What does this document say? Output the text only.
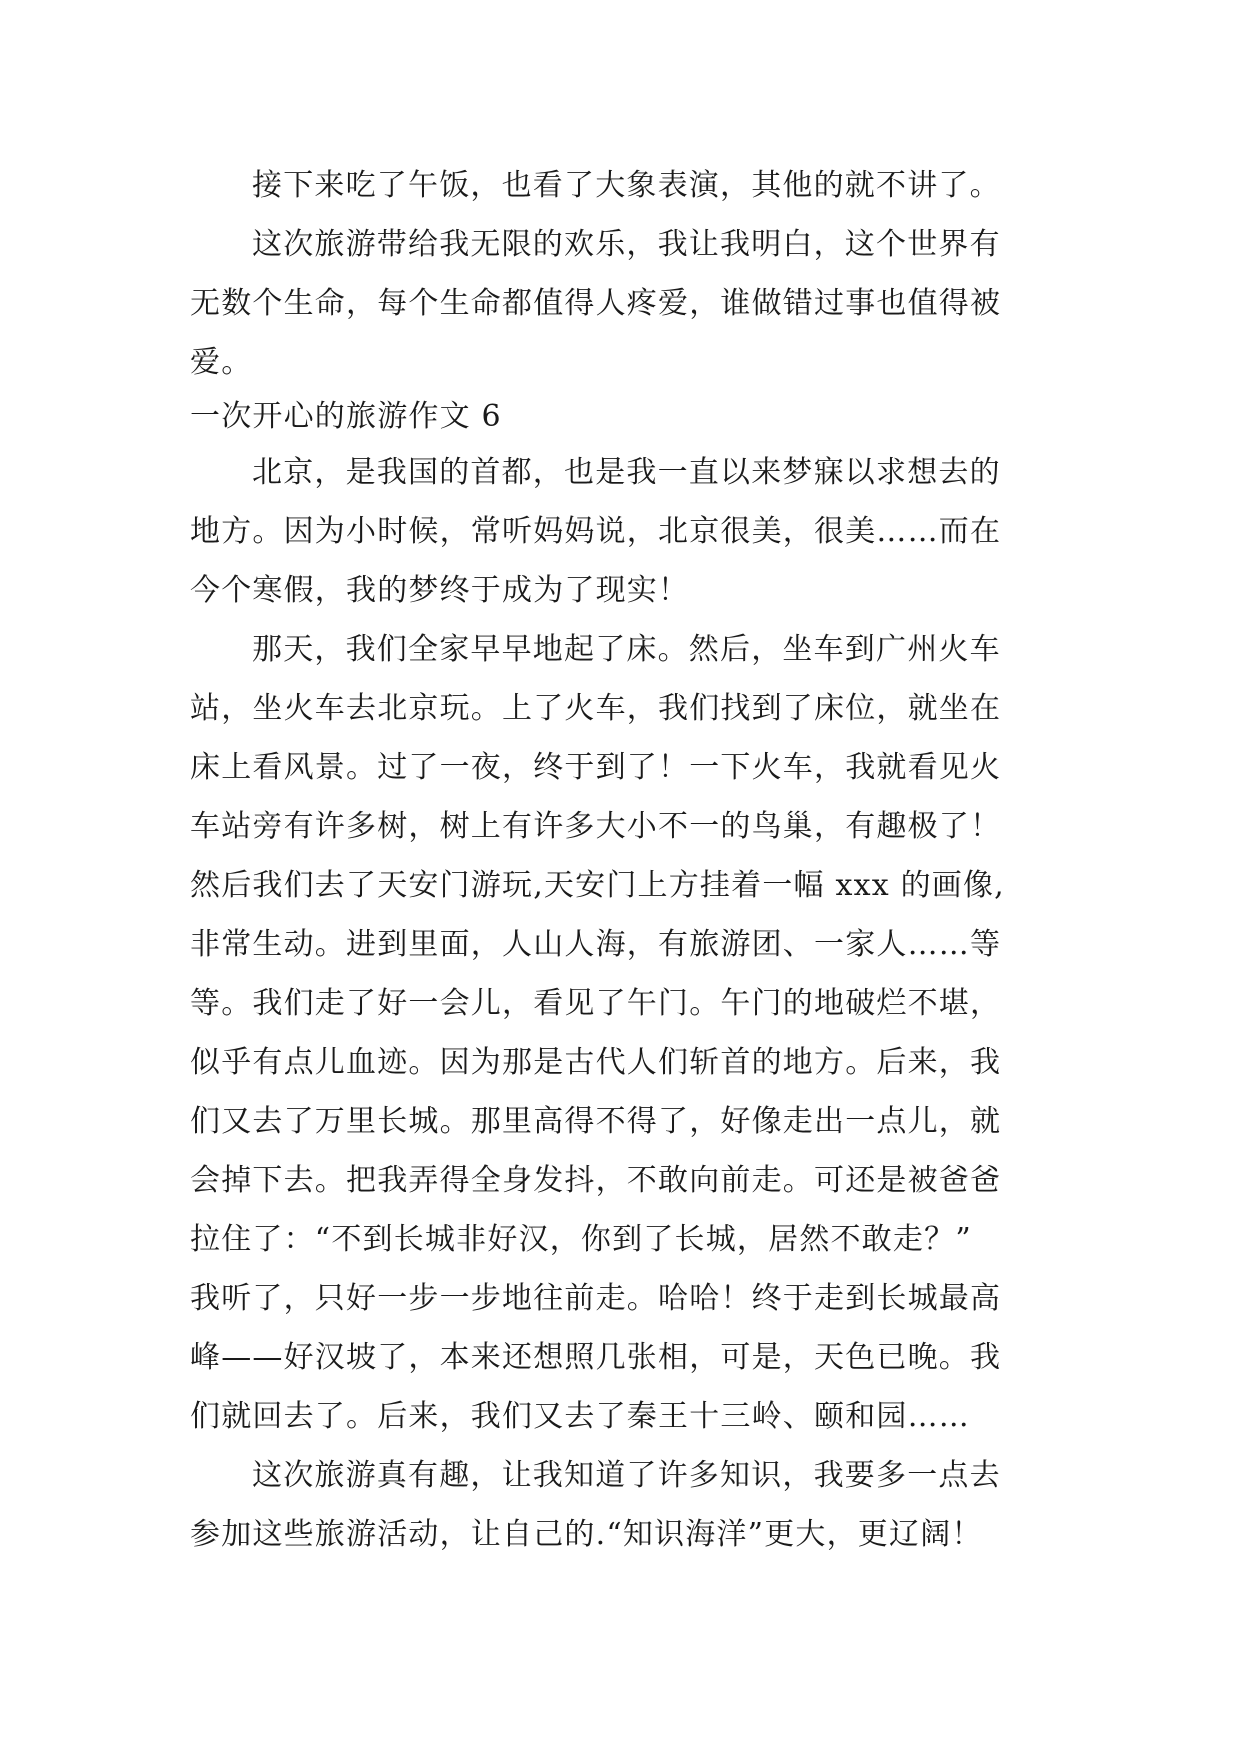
接下来吃了午饭，也看了大象表演，其他的就不讲了。
这次旅游带给我无限的欢乐，我让我明白，这个世界有
无数个生命，每个生命都值得人疼爱，谁做错过事也值得被
爱。
一次开心的旅游作文 6
北京，是我国的首都，也是我一直以来梦寐以求想去的
地方。因为小时候，常听妈妈说，北京很美，很美……而在
今个寒假，我的梦终于成为了现实！
那天，我们全家早早地起了床。然后，坐车到广州火车
站，坐火车去北京玩。上了火车，我们找到了床位，就坐在
床上看风景。过了一夜，终于到了！一下火车，我就看见火
车站旁有许多树，树上有许多大小不一的鸟巢，有趣极了！
然后我们去了天安门游玩,天安门上方挂着一幅 xxx 的画像,
非常生动。进到里面，人山人海，有旅游团、一家人……等
等。我们走了好一会儿，看见了午门。午门的地破烂不堪，
似乎有点儿血迹。因为那是古代人们斩首的地方。后来，我
们又去了万里长城。那里高得不得了，好像走出一点儿，就
会掉下去。把我弄得全身发抖，不敢向前走。可还是被爸爸
拉住了：“不到长城非好汉，你到了长城，居然不敢走？”
我听了，只好一步一步地往前走。哈哈！终于走到长城最高
峰——好汉坡了，本来还想照几张相，可是，天色已晚。我
们就回去了。后来，我们又去了秦王十三岭、颐和园……
这次旅游真有趣，让我知道了许多知识，我要多一点去
参加这些旅游活动，让自己的.“知识海洋”更大，更辽阔！
